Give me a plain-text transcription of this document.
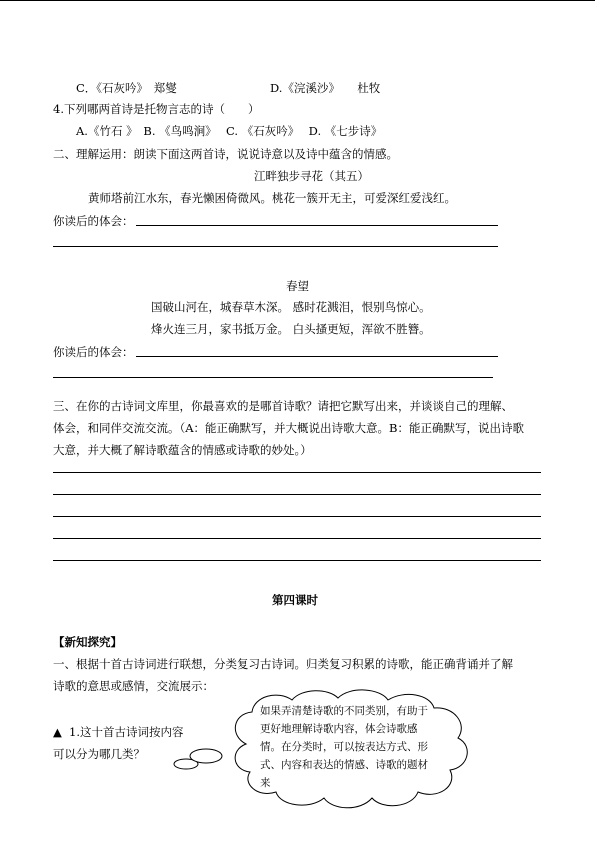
C．《石灰吟》　郑燮	D.《浣溪沙》　　杜牧
4.下列哪两首诗是托物言志的诗（　　）
A.《竹石 》　B. 《鸟鸣涧》　 C. 《石灰吟》　 D. 《七步诗》
二、理解运用：朗读下面这两首诗，说说诗意以及诗中蕴含的情感。
江畔独步寻花（其五）
黄师塔前江水东，春光懒困倚微风。桃花一簇开无主，可爱深红爱浅红。
你读后的体会：
春望
国破山河在，城春草木深。 感时花溅泪，恨别鸟惊心。
烽火连三月，家书抵万金。 白头搔更短，浑欲不胜簪。
你读后的体会：
三、在你的古诗词文库里，你最喜欢的是哪首诗歌？请把它默写出来，并谈谈自己的理解、
体会，和同伴交流交流。（A：能正确默写，并大概说出诗歌大意。B：能正确默写，说出诗歌
大意，并大概了解诗歌蕴含的情感或诗歌的妙处。）
第四课时
【新知探究】
一、根据十首古诗词进行联想，分类复习古诗词。归类复习积累的诗歌，能正确背诵并了解
诗歌的意思或感情，交流展示：
▲ 1.这十首古诗词按内容
可以分为哪几类？
如果弄清楚诗歌的不同类别，有助于更好地理解诗歌内容，体会诗歌感情。在分类时，可以按表达方式、形式、内容和表达的情感、诗歌的题材来
